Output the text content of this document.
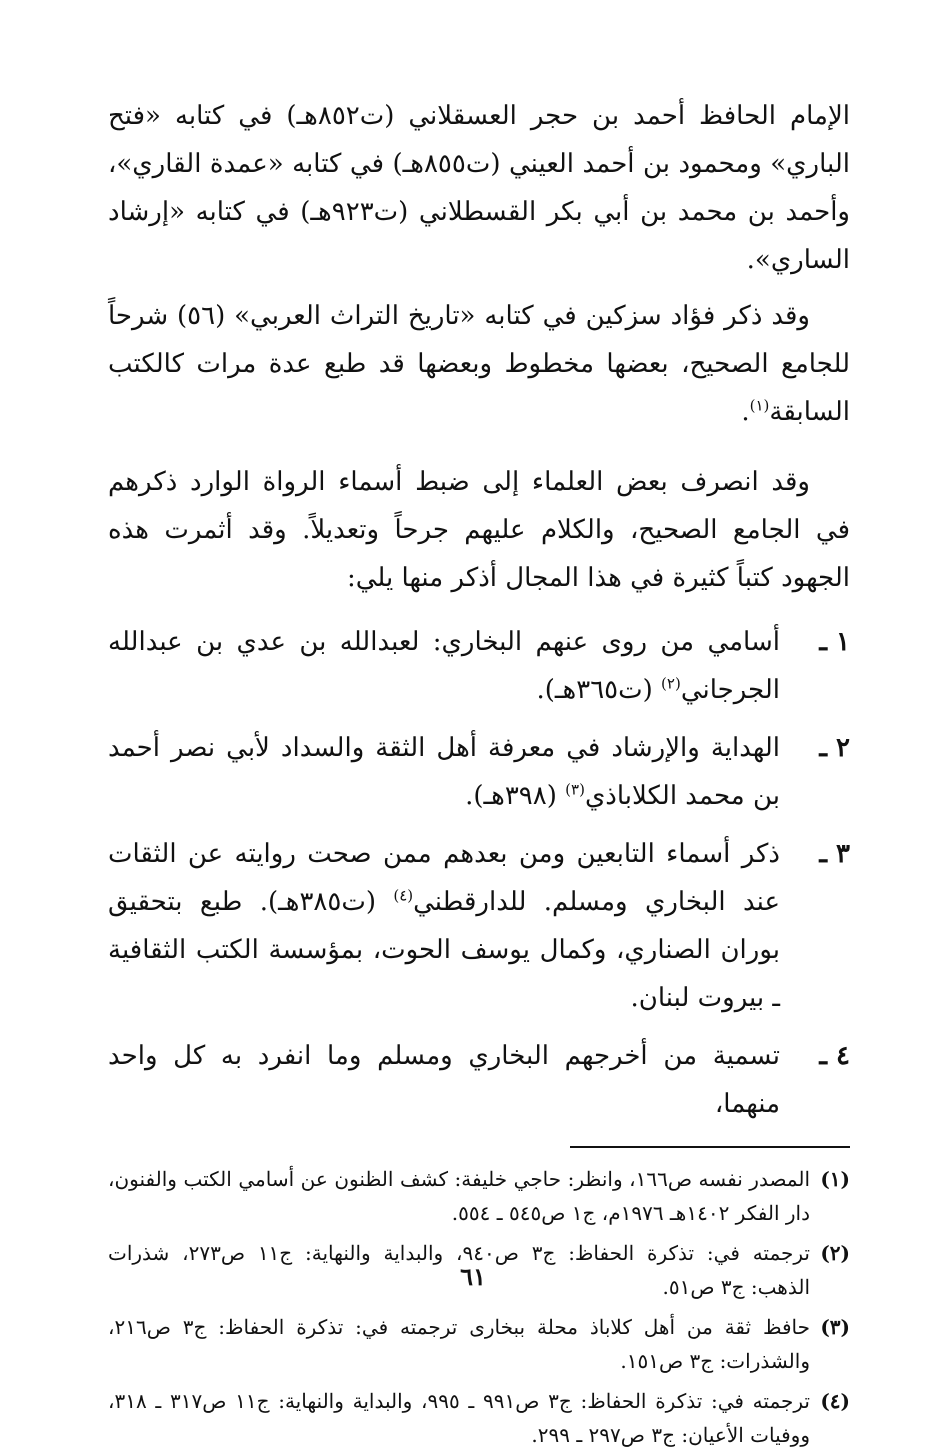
الإمام الحافظ أحمد بن حجر العسقلاني (ت٨٥٢هـ) في كتابه «فتح الباري» ومحمود بن أحمد العيني (ت٨٥٥هـ) في كتابه «عمدة القاري»، وأحمد بن محمد بن أبي بكر القسطلاني (ت٩٢٣هـ) في كتابه «إرشاد الساري».

وقد ذكر فؤاد سزكين في كتابه «تاريخ التراث العربي» (٥٦) شرحاً للجامع الصحيح، بعضها مخطوط وبعضها قد طبع عدة مرات كالكتب السابقة$^{(١)}$.

وقد انصرف بعض العلماء إلى ضبط أسماء الرواة الوارد ذكرهم في الجامع الصحيح، والكلام عليهم جرحاً وتعديلاً. وقد أثمرت هذه الجهود كتباً كثيرة في هذا المجال أذكر منها يلي:

١ ـ
أسامي من روى عنهم البخاري: لعبدالله بن عدي بن عبدالله الجرجاني$^{(٢)}$ (ت٣٦٥هـ).
٢ ـ
الهداية والإرشاد في معرفة أهل الثقة والسداد لأبي نصر أحمد بن محمد الكلاباذي$^{(٣)}$ (٣٩٨هـ).
٣ ـ
ذكر أسماء التابعين ومن بعدهم ممن صحت روايته عن الثقات عند البخاري ومسلم. للدارقطني$^{(٤)}$ (ت٣٨٥هـ). طبع بتحقيق بوران الصناري، وكمال يوسف الحوت، بمؤسسة الكتب الثقافية ـ بيروت لبنان.
٤ ـ
تسمية من أخرجهم البخاري ومسلم وما انفرد به كل واحد منهما،
(١)
المصدر نفسه ص١٦٦، وانظر: حاجي خليفة: كشف الظنون عن أسامي الكتب والفنون، دار الفكر ١٤٠٢هـ ١٩٧٦م، ج١ ص٥٤٥ ـ ٥٥٤.
(٢)
ترجمته في: تذكرة الحفاظ: ج٣ ص٩٤٠، والبداية والنهاية: ج١١ ص٢٧٣، شذرات الذهب: ج٣ ص٥١.
(٣)
حافظ ثقة من أهل كلاباذ محلة ببخارى ترجمته في: تذكرة الحفاظ: ج٣ ص٢١٦، والشذرات: ج٣ ص١٥١.
(٤)
ترجمته في: تذكرة الحفاظ: ج٣ ص٩٩١ ـ ٩٩٥، والبداية والنهاية: ج١١ ص٣١٧ ـ ٣١٨، ووفيات الأعيان: ج٣ ص٢٩٧ ـ ٢٩٩.
٦١
